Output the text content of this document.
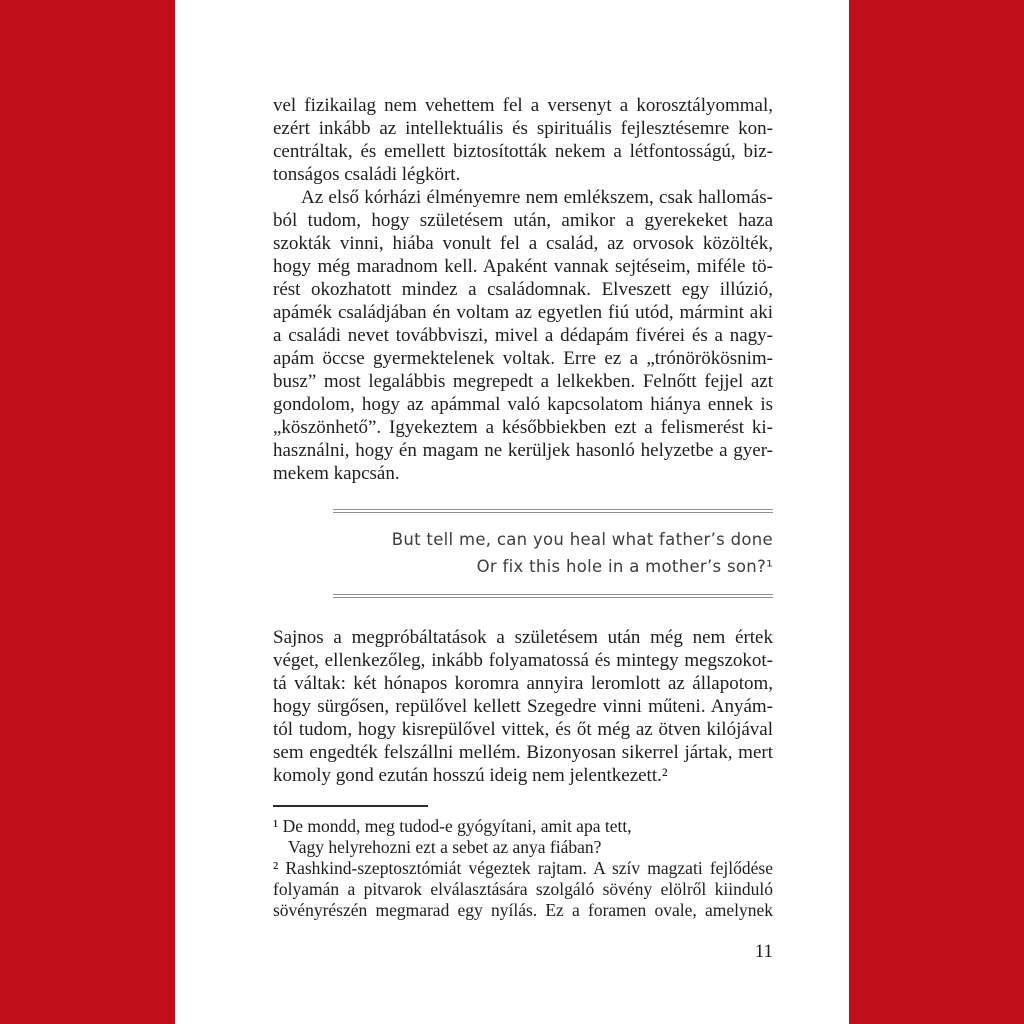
vel fizikailag nem vehettem fel a versenyt a korosztályommal,
ezért inkább az intellektuális és spirituális fejlesztésemre kon-
centráltak, és emellett biztosították nekem a létfontosságú, biz-
tonságos családi légkört.
Az első kórházi élményemre nem emlékszem, csak hallomás-
ból tudom, hogy születésem után, amikor a gyerekeket haza
szokták vinni, hiába vonult fel a család, az orvosok közölték,
hogy még maradnom kell. Apaként vannak sejtéseim, miféle tö-
rést okozhatott mindez a családomnak. Elveszett egy illúzió,
apámék családjában én voltam az egyetlen fiú utód, mármint aki
a családi nevet továbbviszi, mivel a dédapám fivérei és a nagy-
apám öccse gyermektelenek voltak. Erre ez a „trónörökösnim-
busz” most legalábbis megrepedt a lelkekben. Felnőtt fejjel azt
gondolom, hogy az apámmal való kapcsolatom hiánya ennek is
„köszönhető”. Igyekeztem a későbbiekben ezt a felismerést ki-
használni, hogy én magam ne kerüljek hasonló helyzetbe a gyer-
mekem kapcsán.
But tell me, can you heal what father’s done
Or fix this hole in a mother’s son?¹
Sajnos a megpróbáltatások a születésem után még nem értek
véget, ellenkezőleg, inkább folyamatossá és mintegy megszokot-
tá váltak: két hónapos koromra annyira leromlott az állapotom,
hogy sürgősen, repülővel kellett Szegedre vinni műteni. Anyám-
tól tudom, hogy kisrepülővel vittek, és őt még az ötven kilójával
sem engedték felszállni mellém. Bizonyosan sikerrel jártak, mert
komoly gond ezután hosszú ideig nem jelentkezett.²
¹ De mondd, meg tudod-e gyógyítani, amit apa tett,
Vagy helyrehozni ezt a sebet az anya fiában?
² Rashkind-szeptosztómiát végeztek rajtam. A szív magzati fejlődése
folyamán a pitvarok elválasztására szolgáló sövény elölről kiinduló
sövényrészén megmarad egy nyílás. Ez a foramen ovale, amelynek
11
